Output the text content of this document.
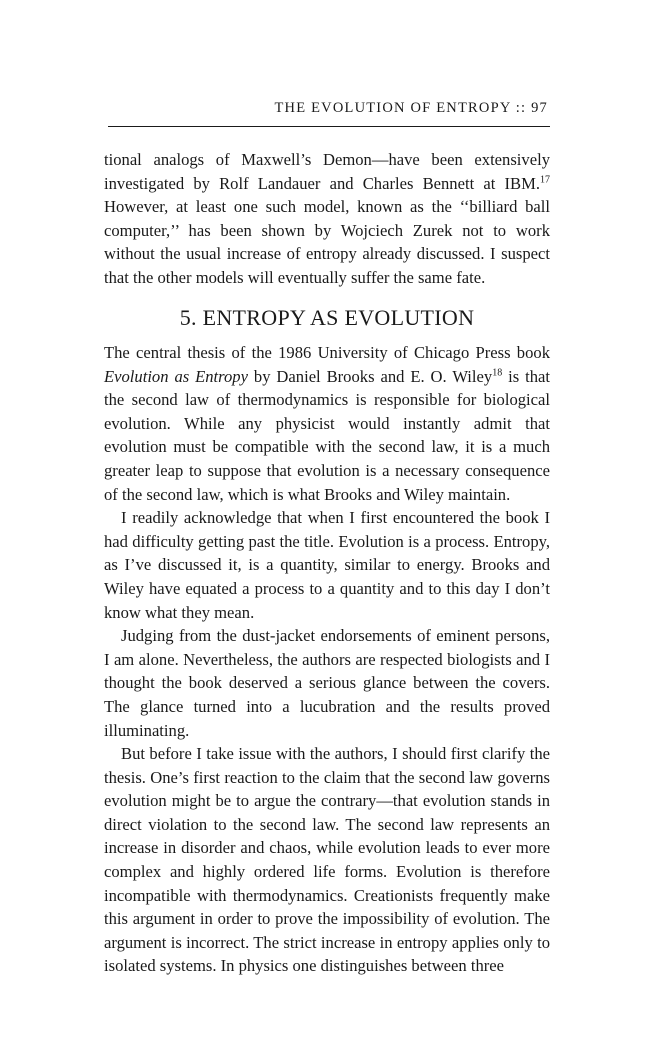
THE EVOLUTION OF ENTROPY :: 97

tional analogs of Maxwell’s Demon—have been extensively investigated by Rolf Landauer and Charles Bennett at IBM.$^{17}$ However, at least one such model, known as the ‘‘billiard ball computer,’’ has been shown by Wojciech Zurek not to work without the usual increase of entropy already discussed. I suspect that the other models will eventually suffer the same fate.

5. ENTROPY AS EVOLUTION

The central thesis of the 1986 University of Chicago Press book Evolution as Entropy by Daniel Brooks and E. O. Wiley$^{18}$ is that the second law of thermodynamics is responsible for biological evolution. While any physicist would instantly admit that evolution must be compatible with the second law, it is a much greater leap to suppose that evolution is a necessary consequence of the second law, which is what Brooks and Wiley maintain.

I readily acknowledge that when I first encountered the book I had difficulty getting past the title. Evolution is a process. Entropy, as I’ve discussed it, is a quantity, similar to energy. Brooks and Wiley have equated a process to a quantity and to this day I don’t know what they mean.

Judging from the dust-jacket endorsements of eminent persons, I am alone. Nevertheless, the authors are respected biologists and I thought the book deserved a serious glance between the covers. The glance turned into a lucubration and the results proved illuminating.

But before I take issue with the authors, I should first clarify the thesis. One’s first reaction to the claim that the second law governs evolution might be to argue the contrary—that evolution stands in direct violation to the second law. The second law represents an increase in disorder and chaos, while evolution leads to ever more complex and highly ordered life forms. Evolution is therefore incompatible with thermodynamics. Creationists frequently make this argument in order to prove the impossibility of evolution. The argument is incorrect. The strict increase in entropy applies only to isolated systems. In physics one distinguishes between three
